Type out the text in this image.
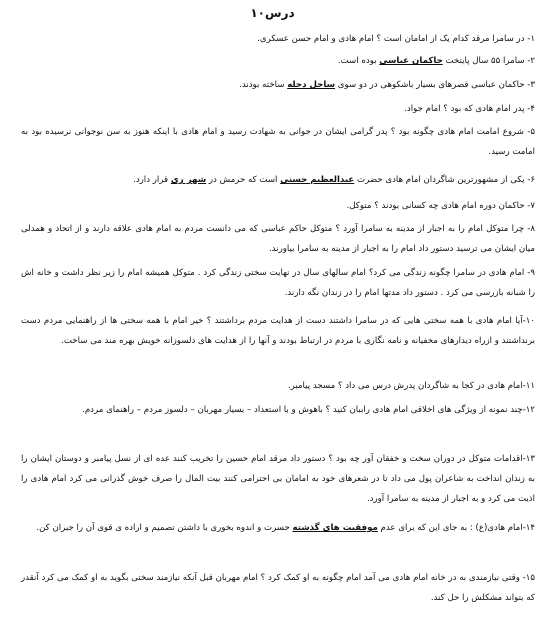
درس۱۰
۱- در سامرا مرقد کدام یک از امامان است ؟ امام هادی و امام حسن عسکری.
۲- سامرا ۵۵ سال پایتخت حاکمان عباسی بوده است.
۳- حاکمان عباسی قصرهای بسیار باشکوهی در دو سوی ساحل دجله ساخته بودند.
۴- پدر امام هادی که بود ؟ امام جواد.
۵- شروع امامت امام هادی چگونه بود ؟ پدر گرامی ایشان در جوانی به شهادت رسید و امام هادی با اینکه هنوز به سن نوجوانی نرسیده بود به امامت رسید.
۶- یکی از مشهورترین شاگردان امام هادی حضرت عبدالعظیم حسنی است که حرمش در شهر ری قرار دارد.
۷- حاکمان دوره امام هادی چه کسانی بودند ؟ متوکل.
۸- چرا متوکل امام را به اجبار از مدینه به سامرا آورد ؟ متوکل حاکم عباسی که می دانست مردم به امام هادی علاقه دارند و از اتحاد و همدلی میان ایشان می ترسید دستور داد امام را به اجبار از مدینه به سامرا بیاورند.
۹- امام هادی در سامرا چگونه زندگی می کرد؟ امام سالهای سال در نهایت سختی زندگی کرد . متوکل همیشه امام را زیر نظر داشت و خانه اش را شبانه بازرسی می کرد . دستور داد مدتها امام را در زندان نگه دارند.
۱۰-آیا امام هادی با همه سختی هایی که در سامرا داشتند دست از هدایت مردم برداشتند ؟ خیر امام با همه سختی ها از راهنمایی مردم دست برنداشتند و ازراه دیدارهای مخفیانه و نامه نگاری با مردم در ارتباط بودند و آنها را از هدایت های دلسوزانه خویش بهره مند می ساخت.
۱۱-امام هادی در کجا به شاگردان پدرش درس می داد ؟ مسجد پیامبر.
۱۲-چند نمونه از ویژگی های اخلاقی امام هادی راببان کنید ؟ باهوش و با استعداد – بسیار مهربان – دلسوز مردم – راهنمای مردم.
۱۳-اقدامات متوکل در دوران سخت و خفقان آور چه بود ؟ دستور داد مرقد امام حسین را تخریب کنند عده ای از نسل پیامبر و دوستان ایشان را به زندان انداخت به شاعران پول می داد تا در شعرهای خود به امامان بی احترامی کنند بیت المال را صرف خوش گذرانی می کرد امام هادی را اذیت می کرد و به اجبار از مدینه به سامرا آورد.
۱۴-امام هادی(ع) : به جای این که برای عدم موفقیت های گذشته حسرت و اندوه بخوری با داشتن تصمیم و اراده ی قوی آن را جبران کن.
۱۵- وقتی نیازمندی به در خانه امام هادی می آمد امام چگونه به او کمک کرد ؟ امام مهربان قبل آنکه نیازمند سختی بگوید به او کمک می کرد آنقدر که بتواند مشکلش را حل کند.
